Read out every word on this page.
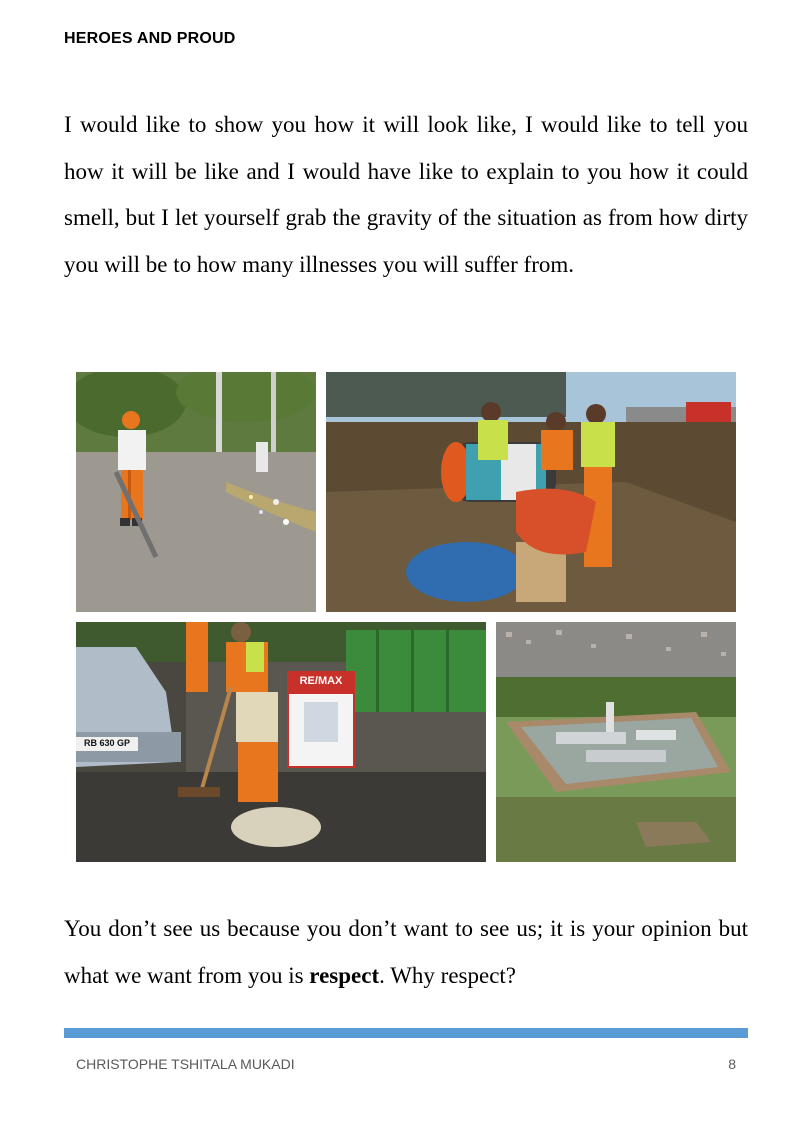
HEROES AND PROUD

I would like to show you how it will look like, I would like to tell you how it will be like and I would have like to explain to you how it could smell, but I let yourself grab the gravity of the situation as from how dirty you will be to how many illnesses you will suffer from.

RE/MAX
RB 630 GP

You don’t see us because you don’t want to see us; it is your opinion but what we want from you is respect. Why respect?

CHRISTOPHE TSHITALA MUKADI	8
